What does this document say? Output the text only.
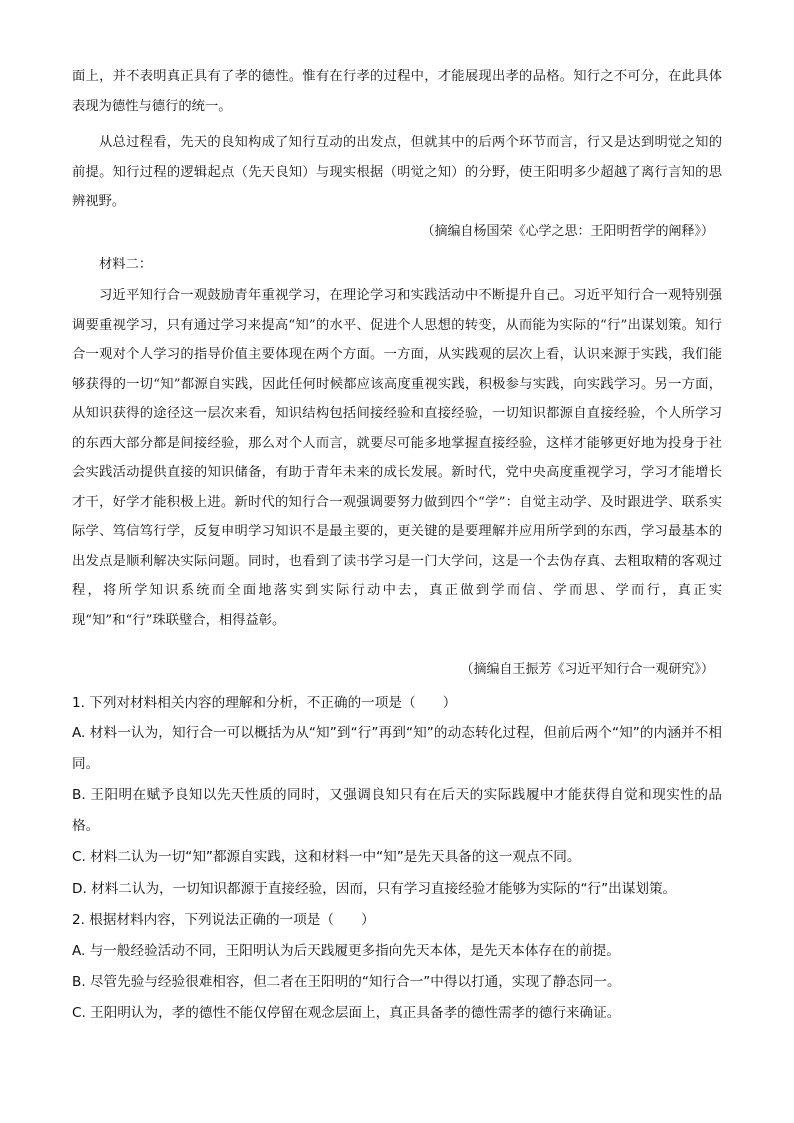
面上，并不表明真正具有了孝的德性。惟有在行孝的过程中，才能展现出孝的品格。知行之不可分，在此具体表现为德性与德行的统一。

从总过程看，先天的良知构成了知行互动的出发点，但就其中的后两个环节而言，行又是达到明觉之知的前提。知行过程的逻辑起点（先天良知）与现实根据（明觉之知）的分野，使王阳明多少超越了离行言知的思辨视野。

（摘编自杨国荣《心学之思：王阳明哲学的阐释》）

材料二：

习近平知行合一观鼓励青年重视学习，在理论学习和实践活动中不断提升自己。习近平知行合一观特别强调要重视学习，只有通过学习来提高“知”的水平、促进个人思想的转变，从而能为实际的“行”出谋划策。知行合一观对个人学习的指导价值主要体现在两个方面。一方面，从实践观的层次上看，认识来源于实践，我们能够获得的一切“知”都源自实践，因此任何时候都应该高度重视实践，积极参与实践，向实践学习。另一方面，从知识获得的途径这一层次来看，知识结构包括间接经验和直接经验，一切知识都源自直接经验，个人所学习的东西大部分都是间接经验，那么对个人而言，就要尽可能多地掌握直接经验，这样才能够更好地为投身于社会实践活动提供直接的知识储备，有助于青年未来的成长发展。新时代，党中央高度重视学习，学习才能增长才干，好学才能积极上进。新时代的知行合一观强调要努力做到四个“学”：自觉主动学、及时跟进学、联系实际学、笃信笃行学，反复申明学习知识不是最主要的，更关键的是要理解并应用所学到的东西，学习最基本的出发点是顺利解决实际问题。同时，也看到了读书学习是一门大学问，这是一个去伪存真、去粗取精的客观过程，将所学知识系统而全面地落实到实际行动中去，真正做到学而信、学而思、学而行，真正实现“知”和“行”珠联璧合，相得益彰。

（摘编自王振芳《习近平知行合一观研究》）

1. 下列对材料相关内容的理解和分析，不正确的一项是（　　）

A. 材料一认为，知行合一可以概括为从“知”到“行”再到“知”的动态转化过程，但前后两个“知”的内涵并不相同。

B. 王阳明在赋予良知以先天性质的同时，又强调良知只有在后天的实际践履中才能获得自觉和现实性的品格。

C. 材料二认为一切“知”都源自实践，这和材料一中“知”是先天具备的这一观点不同。

D. 材料二认为，一切知识都源于直接经验，因而，只有学习直接经验才能够为实际的“行”出谋划策。

2. 根据材料内容，下列说法正确的一项是（　　）

A. 与一般经验活动不同，王阳明认为后天践履更多指向先天本体，是先天本体存在的前提。

B. 尽管先验与经验很难相容，但二者在王阳明的“知行合一”中得以打通，实现了静态同一。

C. 王阳明认为，孝的德性不能仅停留在观念层面上，真正具备孝的德性需孝的德行来确证。
